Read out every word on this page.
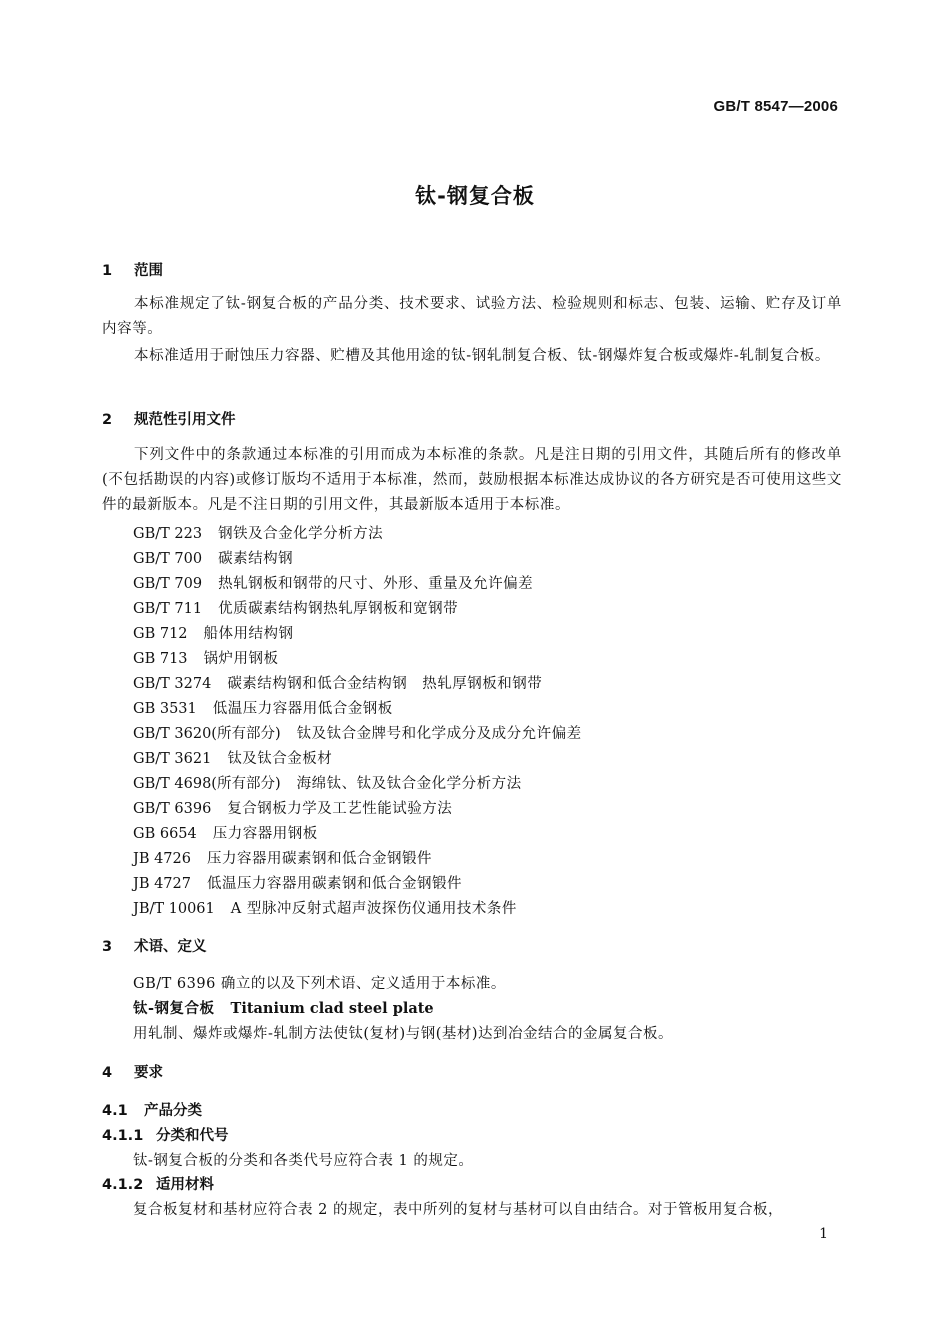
GB/T 8547—2006
钛-钢复合板
1 范围
本标准规定了钛-钢复合板的产品分类、技术要求、试验方法、检验规则和标志、包装、运输、贮存及订单内容等。
本标准适用于耐蚀压力容器、贮槽及其他用途的钛-钢轧制复合板、钛-钢爆炸复合板或爆炸-轧制复合板。
2 规范性引用文件
下列文件中的条款通过本标准的引用而成为本标准的条款。凡是注日期的引用文件，其随后所有的修改单(不包括勘误的内容)或修订版均不适用于本标准，然而，鼓励根据本标准达成协议的各方研究是否可使用这些文件的最新版本。凡是不注日期的引用文件，其最新版本适用于本标准。
GB/T 223 钢铁及合金化学分析方法
GB/T 700 碳素结构钢
GB/T 709 热轧钢板和钢带的尺寸、外形、重量及允许偏差
GB/T 711 优质碳素结构钢热轧厚钢板和宽钢带
GB 712 船体用结构钢
GB 713 锅炉用钢板
GB/T 3274 碳素结构钢和低合金结构钢　热轧厚钢板和钢带
GB 3531 低温压力容器用低合金钢板
GB/T 3620(所有部分) 钛及钛合金牌号和化学成分及成分允许偏差
GB/T 3621 钛及钛合金板材
GB/T 4698(所有部分) 海绵钛、钛及钛合金化学分析方法
GB/T 6396 复合钢板力学及工艺性能试验方法
GB 6654 压力容器用钢板
JB 4726 压力容器用碳素钢和低合金钢锻件
JB 4727 低温压力容器用碳素钢和低合金钢锻件
JB/T 10061 A 型脉冲反射式超声波探伤仪通用技术条件
3 术语、定义
GB/T 6396 确立的以及下列术语、定义适用于本标准。
钛-钢复合板 Titanium clad steel plate
用轧制、爆炸或爆炸-轧制方法使钛(复材)与钢(基材)达到冶金结合的金属复合板。
4 要求
4.1 产品分类
4.1.1 分类和代号
钛-钢复合板的分类和各类代号应符合表 1 的规定。
4.1.2 适用材料
复合板复材和基材应符合表 2 的规定，表中所列的复材与基材可以自由结合。对于管板用复合板，
1
